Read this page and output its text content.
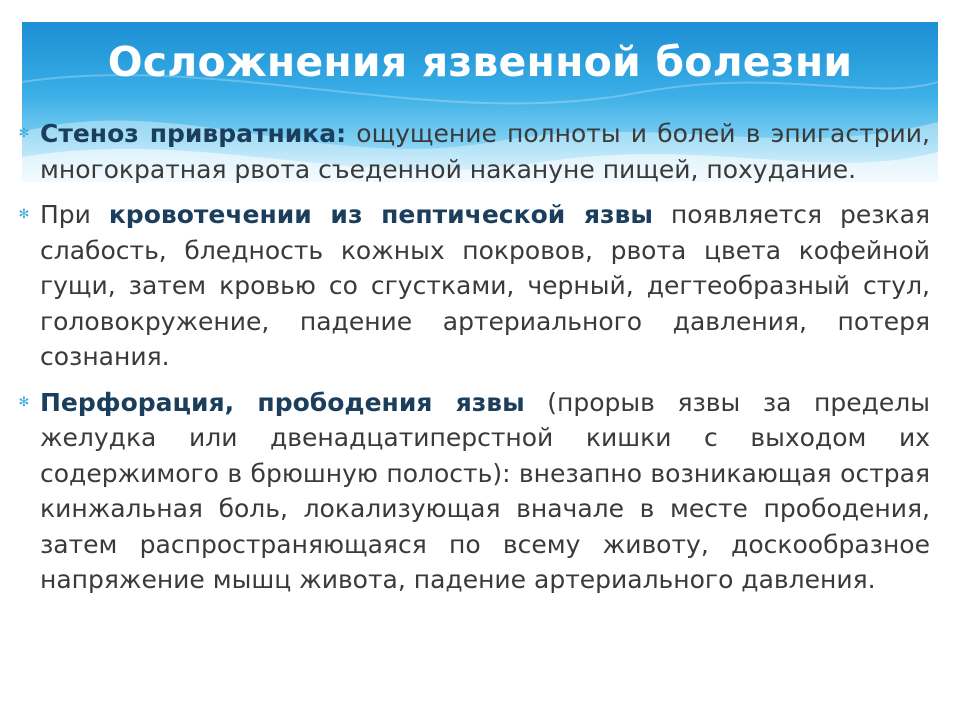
Осложнения язвенной болезни
✻ Стеноз привратника: ощущение полноты и болей в эпигастрии, многократная рвота съеденной накануне пищей, похудание.
✻ При кровотечении из пептической язвы появляется резкая слабость, бледность кожных покровов, рвота цвета кофейной гущи, затем кровью со сгустками, черный, дегтеобразный стул, головокружение, падение артериального давления, потеря сознания.
✻ Перфорация, прободения язвы (прорыв язвы за пределы желудка или двенадцатиперстной кишки с выходом их содержимого в брюшную полость): внезапно возникающая острая кинжальная боль, локализующая вначале в месте прободения, затем распространяющаяся по всему животу, доскообразное напряжение мышц живота, падение артериального давления.
